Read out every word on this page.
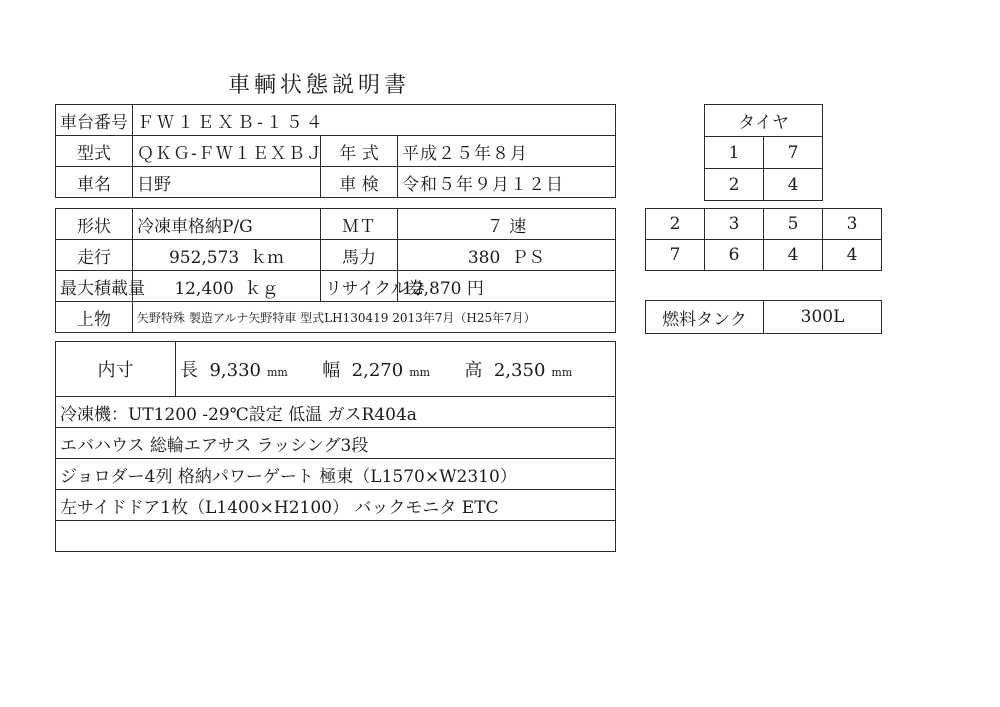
車輌状態説明書
車台番号	ＦＷ１ＥＸＢ-１５４		
型式	ＱＫＧ-ＦＷ１ＥＸＢＪ	年 式	平成２５年８月
車名	日野	車 検	令和５年９月１２日
形状	冷凍車格納P/G	ＭＴ	７ 速
走行	952,573 ｋｍ	馬力	380 ＰＳ
最大積載量	12,400 ｋｇ	リサイクル券	12,870 円
上物	矢野特殊 製造アルナ矢野特車 型式LH130419 2013年7月（H25年7月）		
内寸	長 9,330 mm 幅 2,270 mm 高 2,350 mm
冷凍機：UT1200 -29℃設定 低温 ガスR404a
エバハウス 総輪エアサス ラッシング3段
ジョロダー4列 格納パワーゲート 極東（L1570×W2310）
左サイドドア1枚（L1400×H2100） バックモニタ ETC

タイヤ	
1	7
2	4
2	3	5	3
7	6	4	4
燃料タンク	300L
